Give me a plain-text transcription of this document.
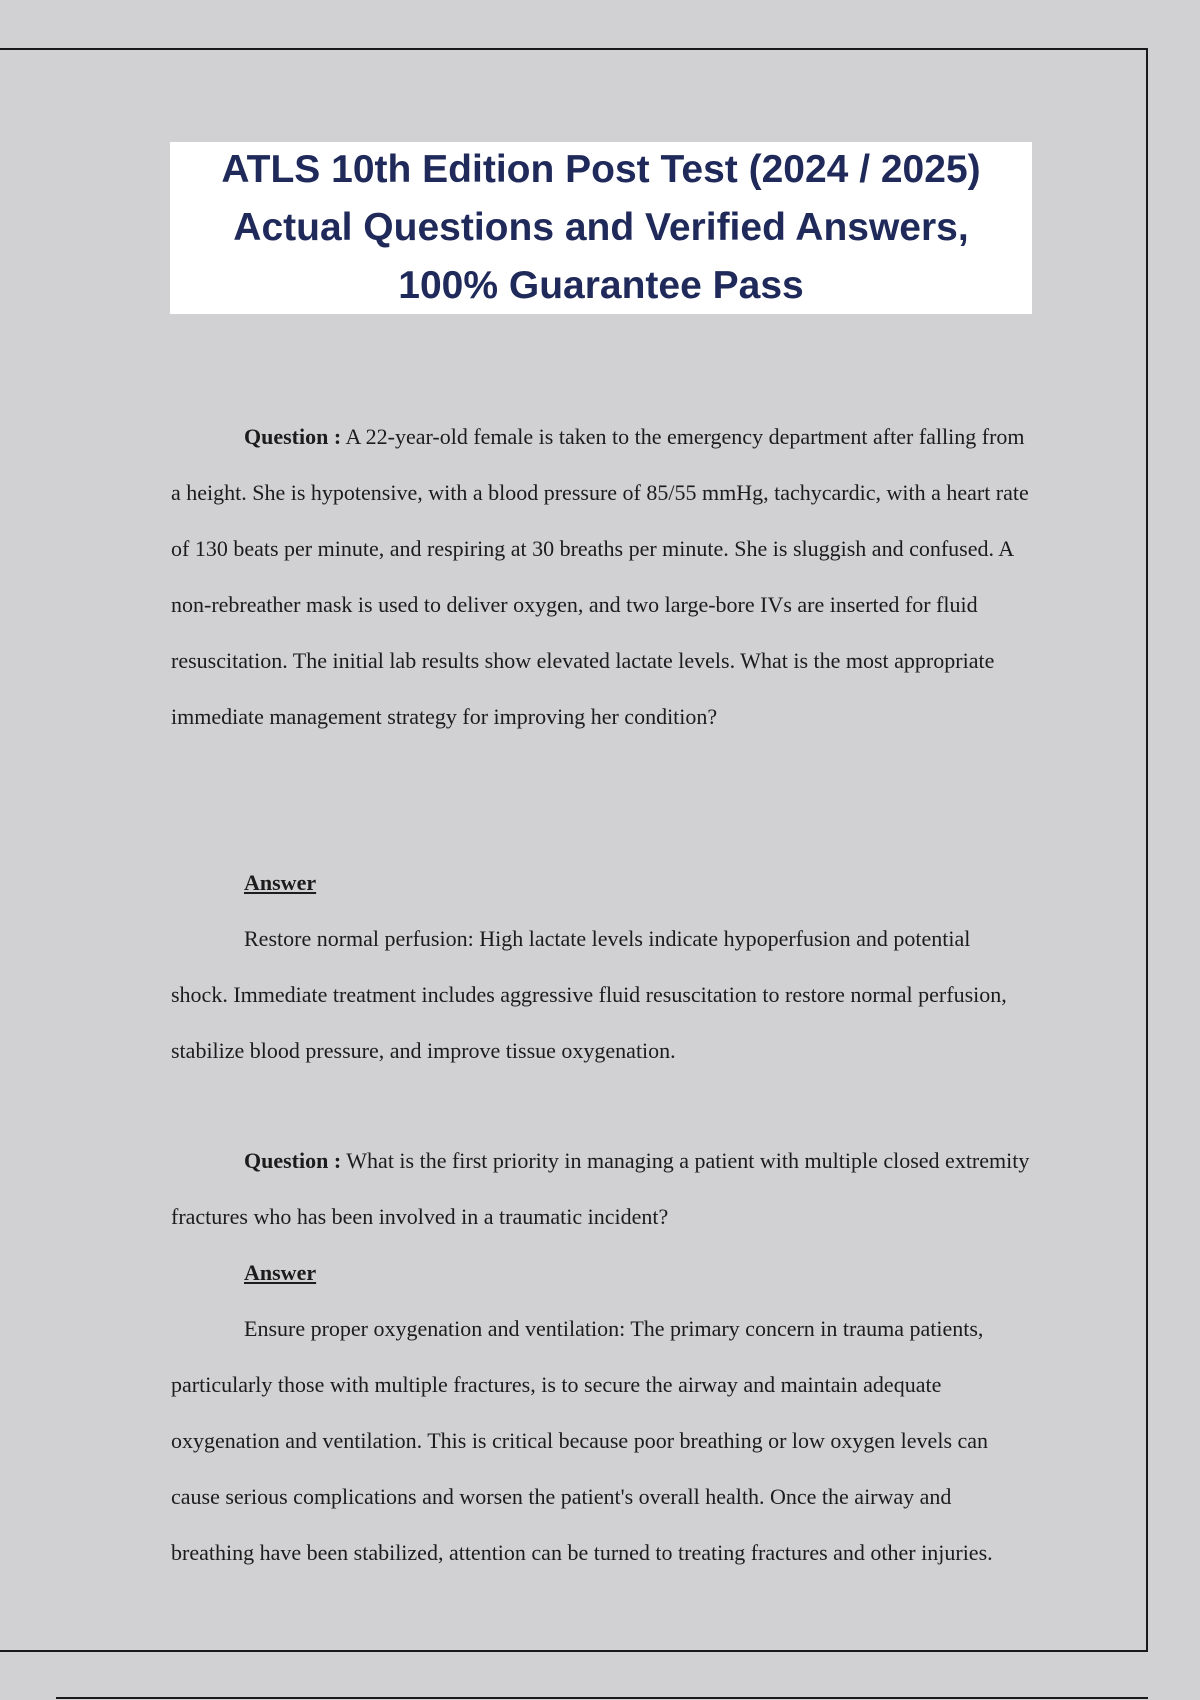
ATLS 10th Edition Post Test (2024 / 2025) Actual Questions and Verified Answers, 100% Guarantee Pass

Question : A 22-year-old female is taken to the emergency department after falling from a height. She is hypotensive, with a blood pressure of 85/55 mmHg, tachycardic, with a heart rate of 130 beats per minute, and respiring at 30 breaths per minute. She is sluggish and confused. A non-rebreather mask is used to deliver oxygen, and two large-bore IVs are inserted for fluid resuscitation. The initial lab results show elevated lactate levels. What is the most appropriate immediate management strategy for improving her condition?

Answer

Restore normal perfusion: High lactate levels indicate hypoperfusion and potential shock. Immediate treatment includes aggressive fluid resuscitation to restore normal perfusion, stabilize blood pressure, and improve tissue oxygenation.

Question : What is the first priority in managing a patient with multiple closed extremity fractures who has been involved in a traumatic incident?

Answer

Ensure proper oxygenation and ventilation: The primary concern in trauma patients, particularly those with multiple fractures, is to secure the airway and maintain adequate oxygenation and ventilation. This is critical because poor breathing or low oxygen levels can cause serious complications and worsen the patient's overall health. Once the airway and breathing have been stabilized, attention can be turned to treating fractures and other injuries.
